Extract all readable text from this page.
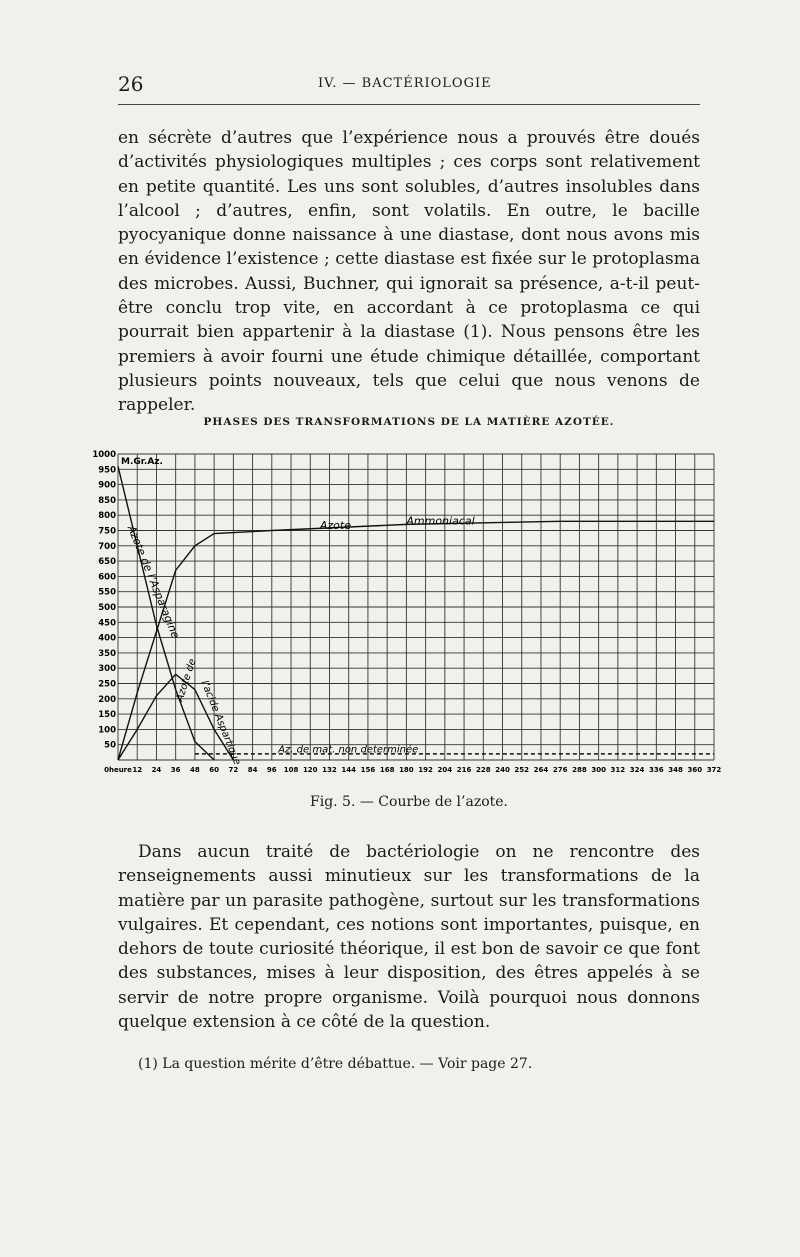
26	IV. — BACTÉRIOLOGIE

en sécrète d’autres que l’expérience nous a prouvés être doués d’activités physiologiques multiples ; ces corps sont relativement en petite quantité. Les uns sont solubles, d’autres insolubles dans l’alcool ; d’autres, enfin, sont volatils. En outre, le bacille pyocyanique donne naissance à une diastase, dont nous avons mis en évidence l’existence ; cette diastase est fixée sur le protoplasma des microbes. Aussi, Buchner, qui ignorait sa présence, a-t-il peut-être conclu trop vite, en accordant à ce protoplasma ce qui pourrait bien appartenir à la diastase (1). Nous pensons être les premiers à avoir fourni une étude chimique détaillée, comportant plusieurs points nouveaux, tels que celui que nous venons de rappeler.

PHASES DES TRANSFORMATIONS DE LA MATIÈRE AZOTÉE.
1000
950
900
850
800
750
700
650
600
550
500
450
400
350
300
250
200
150
100
50
M.Gr.Az.
0heure 12 24 36 48 60 72 84 96 108 120 132 144 156 168 180 192 204 216 228 240 252 264 276 288 300 312 324 336 348 360 372
Azote	Ammoniacal
Azote de l’Asparagine
Azote de l’acide Aspartique	Az. de mat. non determinée
Fig. 5. — Courbe de l’azote.

Dans aucun traité de bactériologie on ne rencontre des renseignements aussi minutieux sur les transformations de la matière par un parasite pathogène, surtout sur les transformations vulgaires. Et cependant, ces notions sont importantes, puisque, en dehors de toute curiosité théorique, il est bon de savoir ce que font des substances, mises à leur disposition, des êtres appelés à se servir de notre propre organisme. Voilà pourquoi nous donnons quelque extension à ce côté de la question.

(1) La question mérite d’être débattue. — Voir page 27.
